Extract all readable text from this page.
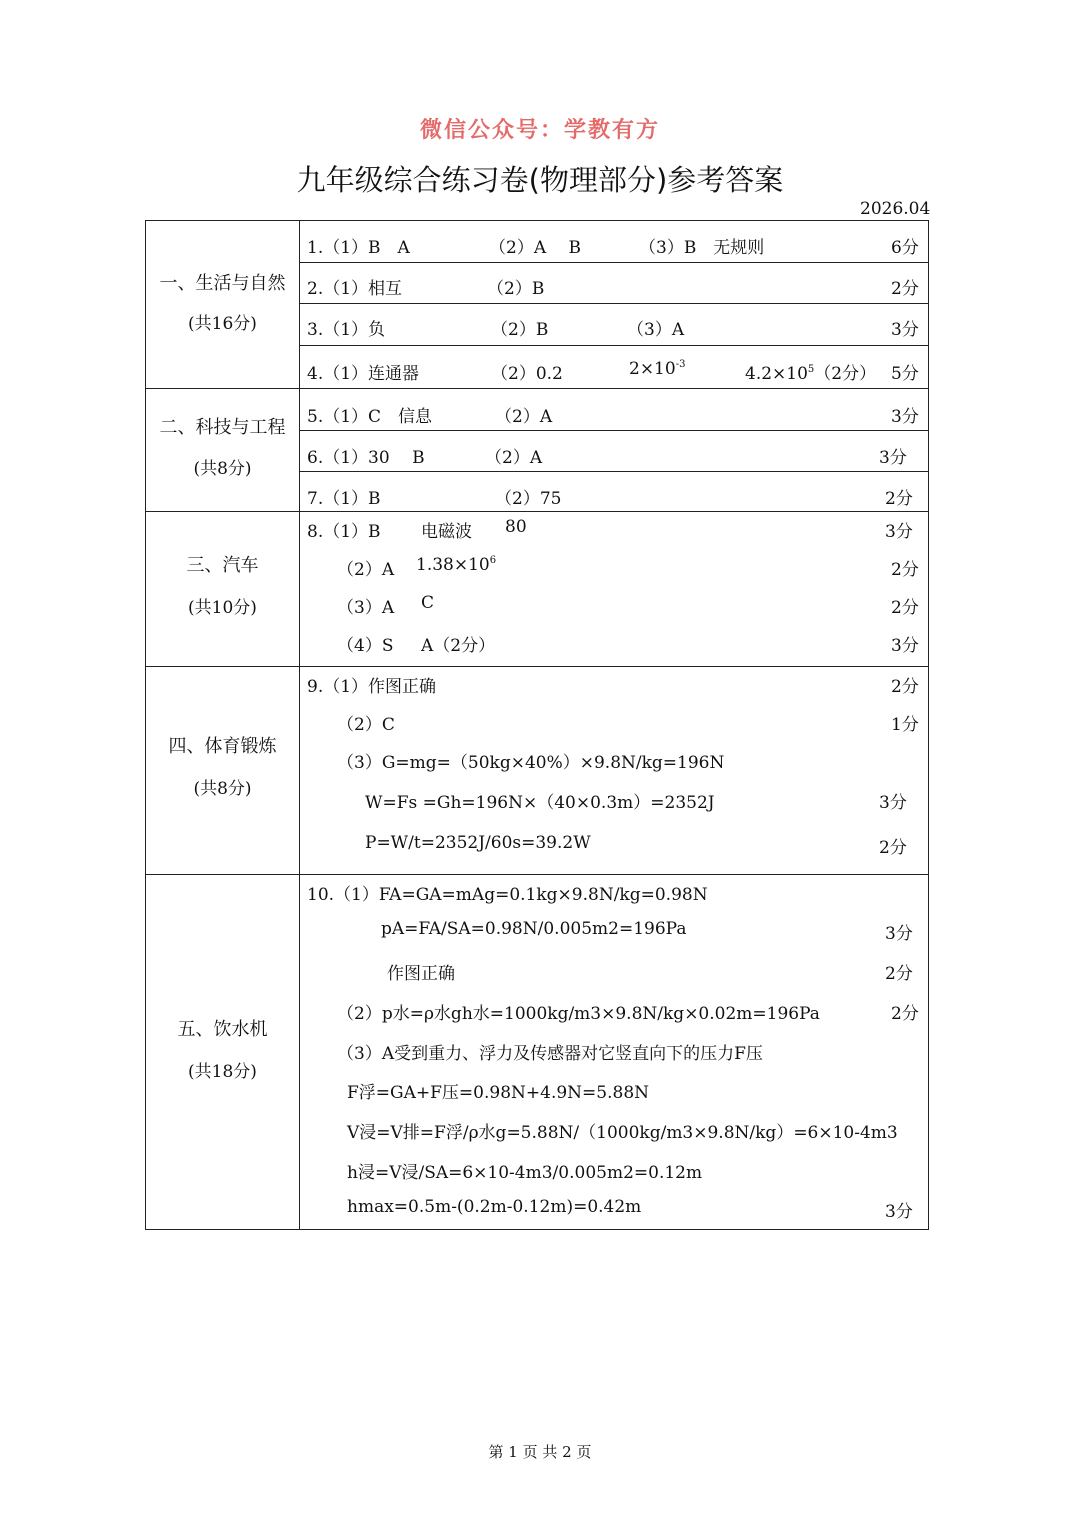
微信公众号：学教有方
九年级综合练习卷(物理部分)参考答案
2026.04
一、生活与自然
(共16分)
1.（1）B　A	（2）A　 B	（3）B　无规则	6分
2.（1）相互	（2）B	2分
3.（1）负	（2）B	（3）A	3分
4.（1）连通器	（2）0.2	$2\times 10^{-3}$	$4.2\times 10^5(2$分） 5分
二、科技与工程
(共8分)
5.（1）C　信息	（2）A	3分
6.（1）30　 B	（2）A	3分
7.（1）B	（2）75	2分
三、汽车
(共10分)
8.（1）B 电磁波 80	3分
（2）A $1.38\times 10^6$	2分
（3）A C	2分
（4）S A（2分）	3分
四、体育锻炼
(共8分)
9.（1）作图正确	2分
（2）C	1分
（3）G=mg=（50kg×40%）×9.8N/kg=196N
W=Fs =Gh=196N×（40×0.3m）=2352J	3分
P=W/t=2352J/60s=39.2W	2分
五、饮水机
(共18分)
10.（1）FA=GA=mAg=0.1kg×9.8N/kg=0.98N
pA=FA/SA=0.98N/0.005m2=196Pa	3分
作图正确	2分
（2）p水=ρ水gh水=1000kg/m3×9.8N/kg×0.02m=196Pa	2分
（3）A受到重力、浮力及传感器对它竖直向下的压力F压
F浮=GA+F压=0.98N+4.9N=5.88N
V浸=V排=F浮/ρ水g=5.88N/（1000kg/m3×9.8N/kg）=6×10-4m3
h浸=V浸/SA=6×10-4m3/0.005m2=0.12m
hmax=0.5m-(0.2m-0.12m)=0.42m	3分
第 1 页 共 2 页
